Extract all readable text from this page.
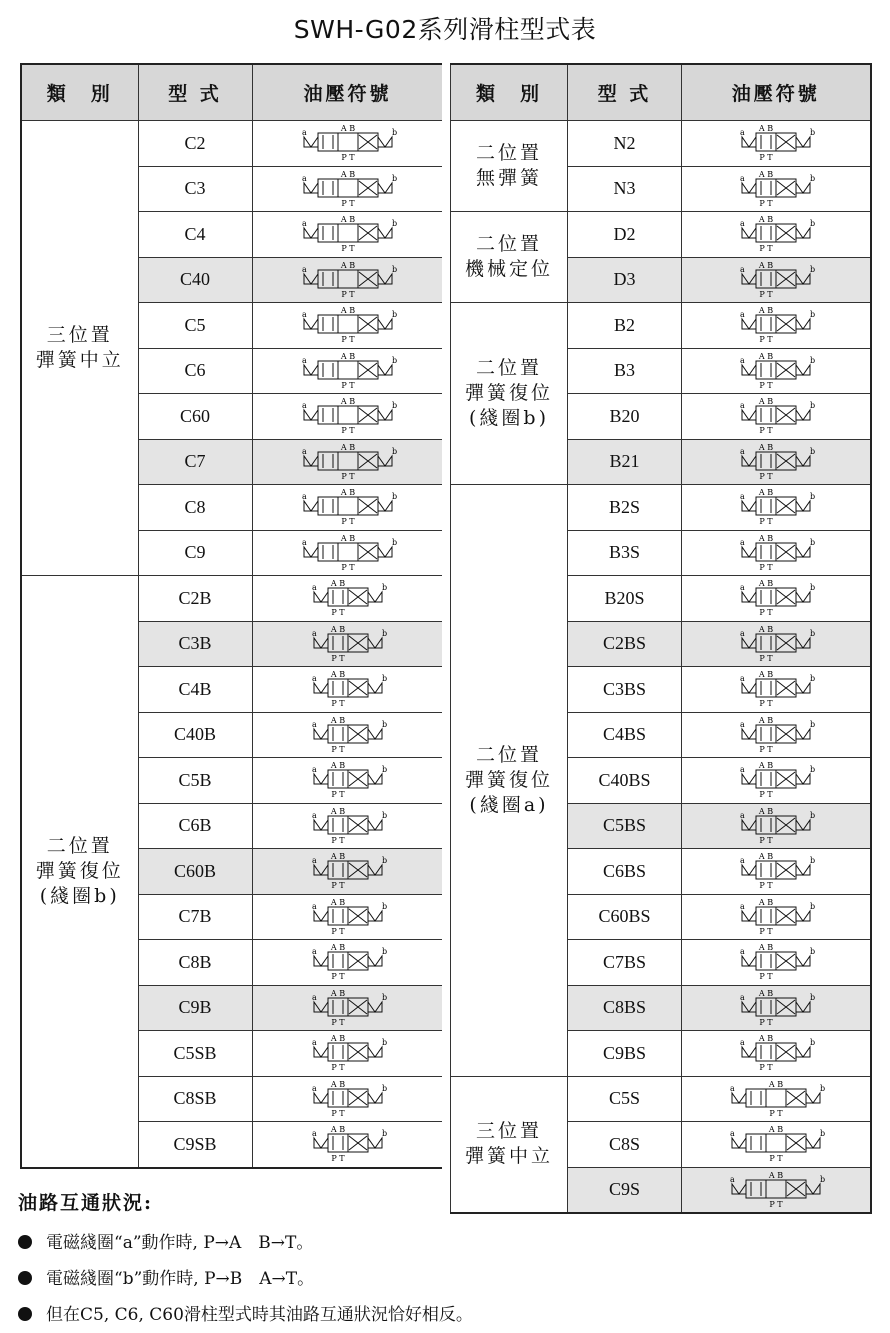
SWH-G02系列滑柱型式表
類　別	型 式	油壓符號
三位置
彈簧中立	C2	a b
A B
P T

	C3	a b
A B
P T

	C4	a b
A B
P T

	C40	a b
A B
P T

	C5	a b
A B
P T

	C6	a b
A B
P T

	C60	a b
A B
P T

	C7	a b
A B
P T

	C8	a b
A B
P T

	C9	a b
A B
P T

二位置
彈簧復位
(綫圈b)	C2B	a b
A B
P T

	C3B	a b
A B
P T

	C4B	a b
A B
P T

	C40B	a b
A B
P T

	C5B	a b
A B
P T

	C6B	a b
A B
P T

	C60B	a b
A B
P T

	C7B	a b
A B
P T

	C8B	a b
A B
P T

	C9B	a b
A B
P T

	C5SB	a b
A B
P T

	C8SB	a b
A B
P T

	C9SB	a b
A B
P T
類　別	型 式	油壓符號
二位置
無彈簧	N2	a b
A B
P T

	N3	a b
A B
P T

二位置
機械定位	D2	a b
A B
P T

	D3	a b
A B
P T

二位置
彈簧復位
(綫圈b)	B2	a b
A B
P T

	B3	a b
A B
P T

	B20	a b
A B
P T

	B21	a b
A B
P T

二位置
彈簧復位
(綫圈a)	B2S	a b
A B
P T

	B3S	a b
A B
P T

	B20S	a b
A B
P T

	C2BS	a b
A B
P T

	C3BS	a b
A B
P T

	C4BS	a b
A B
P T

	C40BS	a b
A B
P T

	C5BS	a b
A B
P T

	C6BS	a b
A B
P T

	C60BS	a b
A B
P T

	C7BS	a b
A B
P T

	C8BS	a b
A B
P T

	C9BS	a b
A B
P T

三位置
彈簧中立	C5S	a b
A B
P T

	C8S	a b
A B
P T

	C9S	a b
A B
P T
油路互通狀況:
電磁綫圈“a”動作時, P→A　B→T。
電磁綫圈“b”動作時, P→B　A→T。
但在C5, C6, C60滑柱型式時其油路互通狀況恰好相反。
